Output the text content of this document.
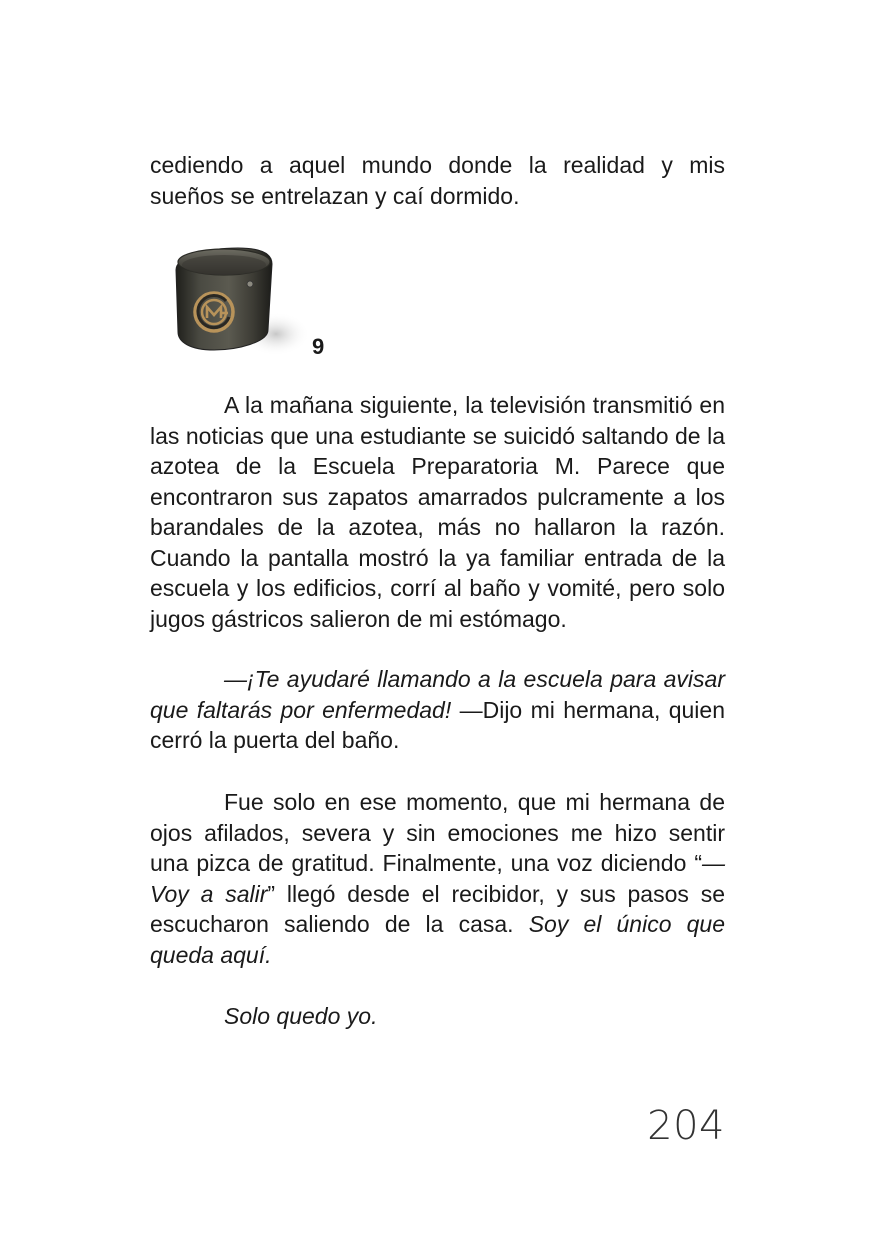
cediendo a aquel mundo donde la realidad y mis sueños se entrelazan y caí dormido.

9

A la mañana siguiente, la televisión transmitió en las noticias que una estudiante se suicidó saltando de la azotea de la Escuela Preparatoria M. Parece que encontraron sus zapatos amarrados pulcramente a los barandales de la azotea, más no hallaron la razón. Cuando la pantalla mostró la ya familiar entrada de la escuela y los edificios, corrí al baño y vomité, pero solo jugos gástricos salieron de mi estómago.

—¡Te ayudaré llamando a la escuela para avisar que faltarás por enfermedad! —Dijo mi hermana, quien cerró la puerta del baño.

Fue solo en ese momento, que mi hermana de ojos afilados, severa y sin emociones me hizo sentir una pizca de gratitud. Finalmente, una voz diciendo “—Voy a salir” llegó desde el recibidor, y sus pasos se escucharon saliendo de la casa. Soy el único que queda aquí.

Solo quedo yo.

204
